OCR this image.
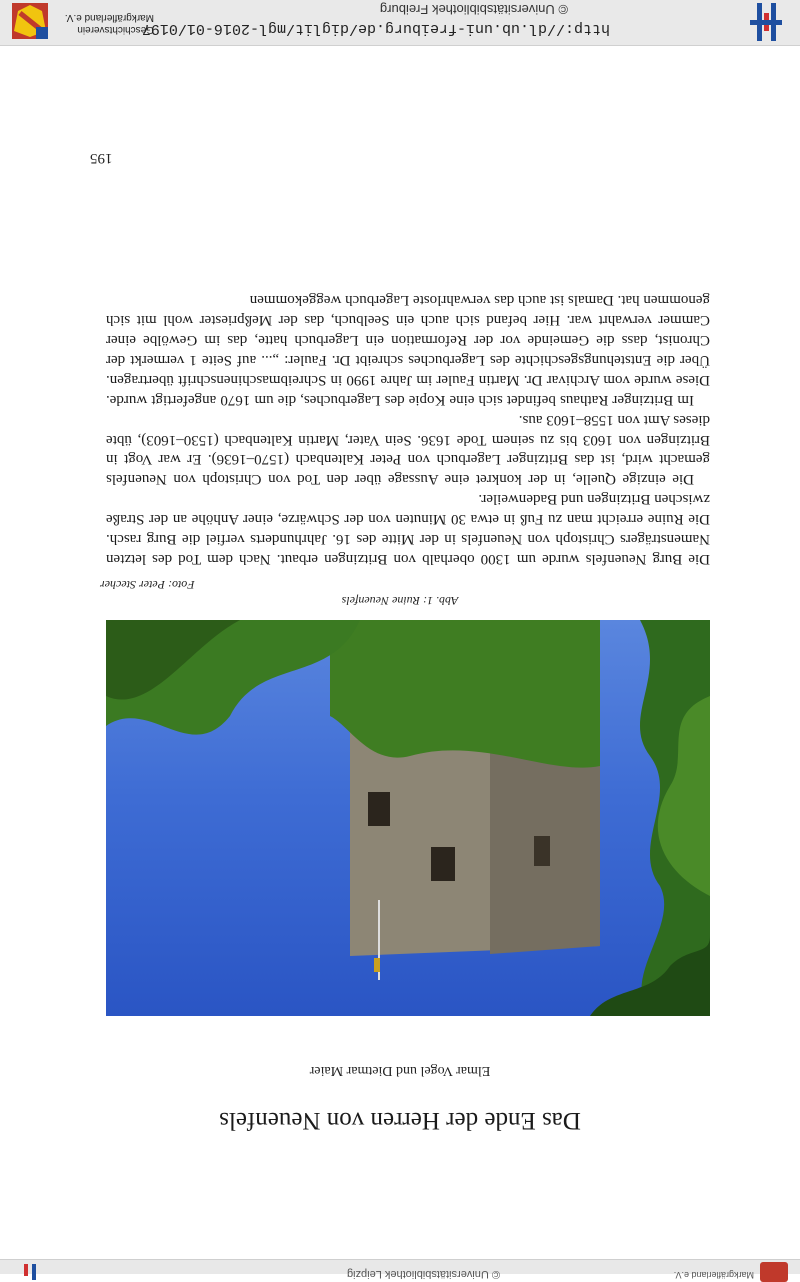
Markgräflerland e.V.
© Universitätsbibliothek Leipzig
Das Ende der Herren von Neuenfels
Elmar Vogel und Dietmar Maier
Abb. 1: Ruine Neuenfels
Foto: Peter Stecher

Die Burg Neuenfels wurde um 1300 oberhalb von Britzingen erbaut. Nach dem Tod des letzten Namensträgers Christoph von Neuenfels in der Mitte des 16. Jahrhunderts verfiel die Burg rasch. Die Ruine erreicht man zu Fuß in etwa 30 Minuten von der Schwärze, einer Anhöhe an der Straße zwischen Britzingen und Badenweiler.

Die einzige Quelle, in der konkret eine Aussage über den Tod von Christoph von Neuenfels gemacht wird, ist das Britzinger Lagerbuch von Peter Kaltenbach (1570–1636). Er war Vogt in Britzingen von 1603 bis zu seinem Tode 1636. Sein Vater, Martin Kaltenbach (1530–1603), übte dieses Amt von 1558–1603 aus.

Im Britzinger Rathaus befindet sich eine Kopie des Lagerbuches, die um 1670 angefertigt wurde. Diese wurde vom Archivar Dr. Martin Fauler im Jahre 1990 in Schreibmaschinenschrift übertragen. Über die Entstehungsgeschichte des Lagerbuches schreibt Dr. Fauler: „... auf Seite 1 vermerkt der Chronist, dass die Gemeinde vor der Reformation ein Lagerbuch hatte, das im Gewölbe einer Cammer verwahrt war. Hier befand sich auch ein Seelbuch, das der Meßpriester wohl mit sich genommen hat. Damals ist auch das verwahrloste Lagerbuch weggekommen

195
http://dl.ub.uni-freiburg.de/diglit/mgl-2016-01/0197
© Universitätsbibliothek Freiburg
Geschichtsverein Markgräflerland e.V.
